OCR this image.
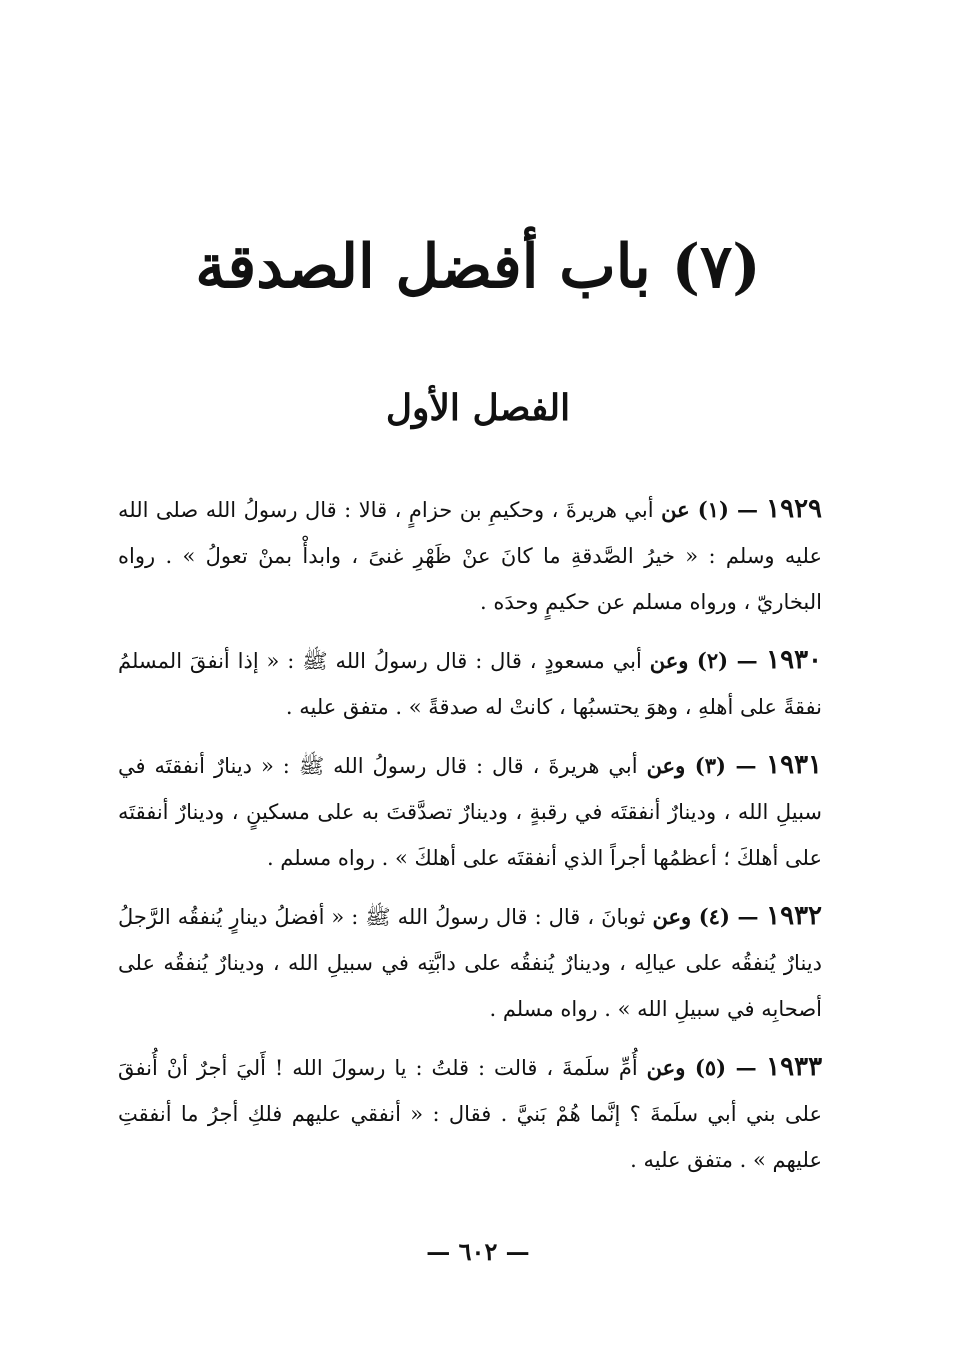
(٧) باب أفضل الصدقة
الفصل الأول

١٩٢٩ — (١) عن أبي هريرةَ ، وحكيمِ بن حزامٍ ، قالا : قال رسولُ الله صلى الله عليه وسلم : « خيرُ الصَّدقةِ ما كانَ عنْ ظَهْرِ غنىً ، وابدأْ بمنْ تعولُ » . رواه البخاريّ ، ورواه مسلم عن حكيمٍ وحدَه .

١٩٣٠ — (٢) وعن أبي مسعودٍ ، قال : قال رسولُ الله ﷺ : « إذا أنفقَ المسلمُ نفقةً على أهلهِ ، وهوَ يحتسبُها ، كانتْ له صدقةً » . متفق عليه .

١٩٣١ — (٣) وعن أبي هريرةَ ، قال : قال رسولُ الله ﷺ : « دينارٌ أنفقتَه في سبيلِ الله ، ودينارٌ أنفقتَه في رقبةٍ ، ودينارٌ تصدَّقتَ به على مسكينٍ ، ودينارٌ أنفقتَه على أهلكَ ؛ أعظمُها أجراً الذي أنفقتَه على أهلكَ » . رواه مسلم .

١٩٣٢ — (٤) وعن ثوبانَ ، قال : قال رسولُ الله ﷺ : « أفضلُ دينارٍ يُنفقُه الرَّجلُ دينارٌ يُنفقُه على عيالِه ، ودينارٌ يُنفقُه على دابَّتِه في سبيلِ الله ، ودينارٌ يُنفقُه على أصحابِه في سبيلِ الله » . رواه مسلم .

١٩٣٣ — (٥) وعن أُمِّ سلَمةَ ، قالت : قلتُ : يا رسولَ الله ! أَليَ أجرٌ أنْ أُنفقَ على بني أبي سلَمةَ ؟ إنَّما هُمْ بَنيَّ . فقال : « أنفقي عليهم فلكِ أجرُ ما أنفقتِ عليهم » . متفق عليه .

— ٦٠٢ —
